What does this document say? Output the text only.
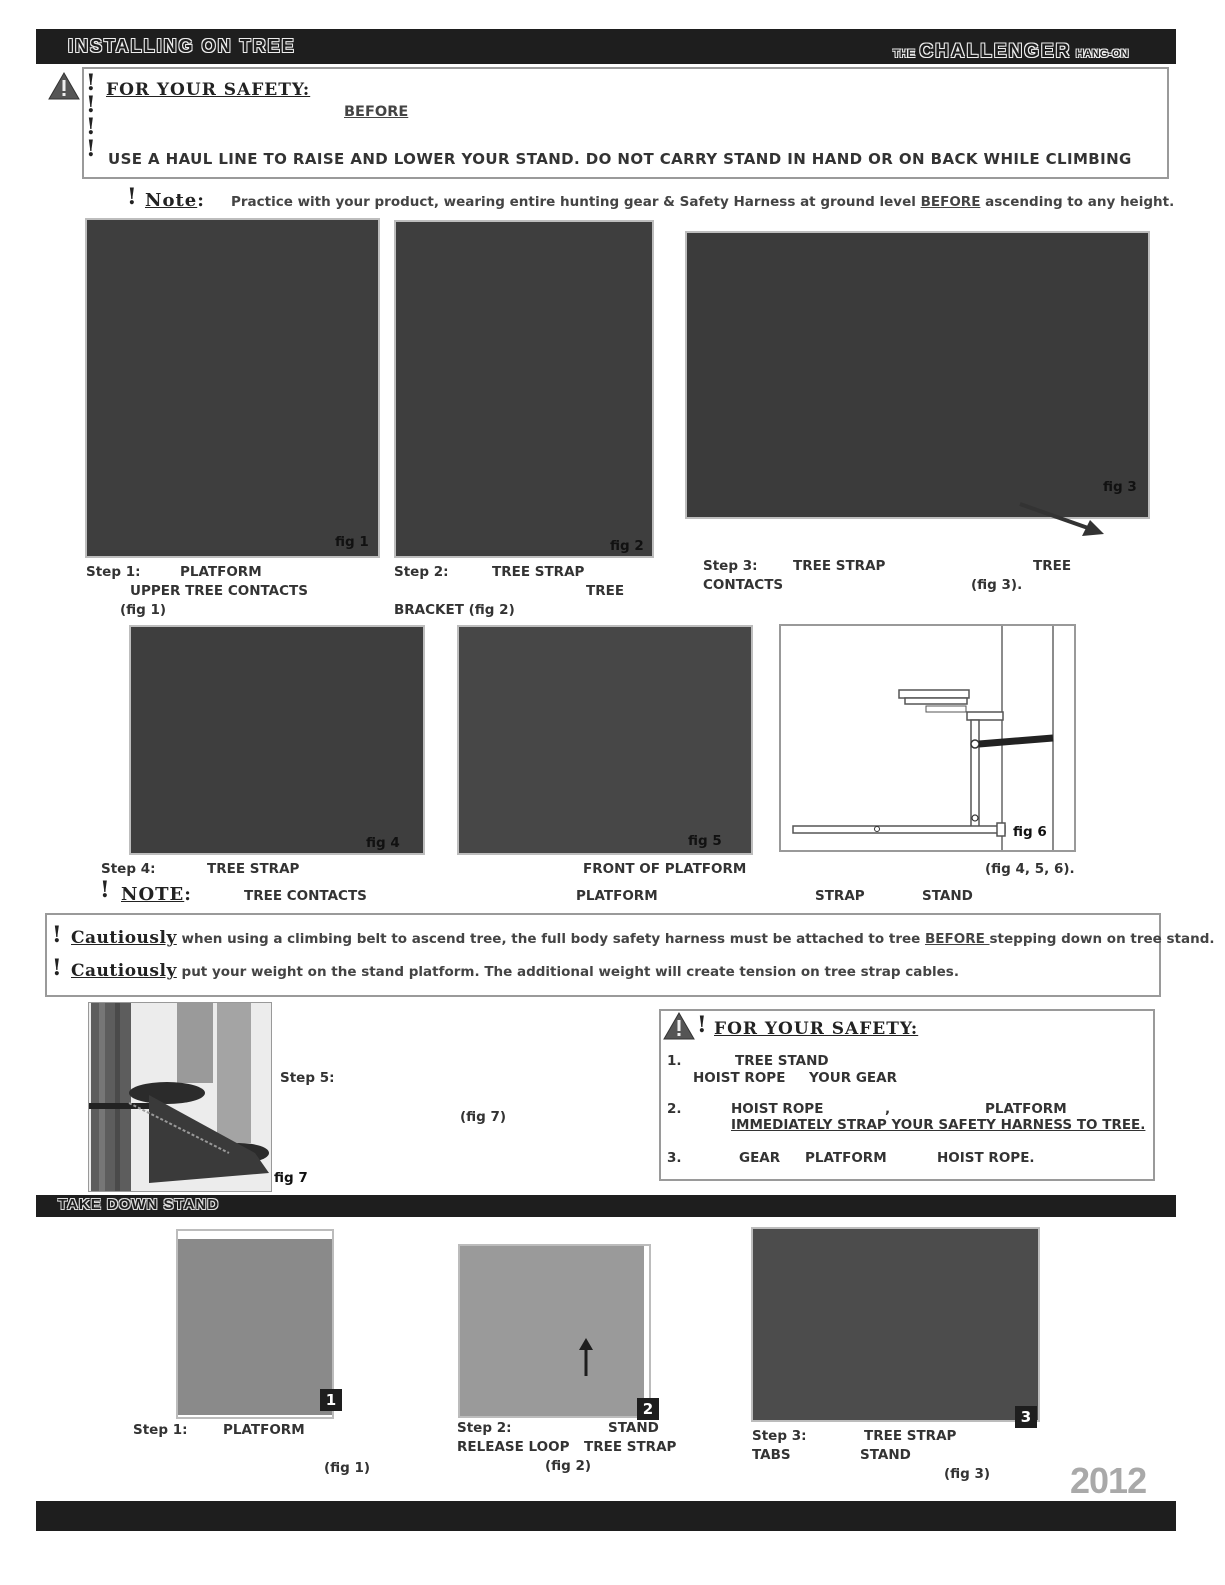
INSTALLING ON TREE	THE CHALLENGER HANG-ON
!
!
!
!
FOR YOUR SAFETY:
BEFORE
USE A HAUL LINE TO RAISE AND LOWER YOUR STAND. DO NOT CARRY STAND IN HAND OR ON BACK WHILE CLIMBING
! Note: Practice with your product, wearing entire hunting gear & Safety Harness at ground level BEFORE ascending to any height.
fig 1	fig 2
fig 3
Step 1:	PLATFORM
UPPER TREE CONTACTS
(fig 1)
Step 2:	TREE STRAP
TREE
BRACKET (fig 2)
Step 3:	TREE STRAP	TREE
CONTACTS	(fig 3).
fig 4	fig 5
fig 6
Step 4:	TREE STRAP	FRONT OF PLATFORM	(fig 4, 5, 6).
! NOTE:	TREE CONTACTS	PLATFORM	STRAP	STAND
! Cautiously when using a climbing belt to ascend tree, the full body safety harness must be attached to tree BEFORE stepping down on tree stand.
! Cautiously put your weight on the stand platform. The additional weight will create tension on tree strap cables.
fig 7
Step 5:
(fig 7)
! FOR YOUR SAFETY:
1.	TREE STAND
HOIST ROPE YOUR GEAR
2.	HOIST ROPE	,	PLATFORM
IMMEDIATELY STRAP YOUR SAFETY HARNESS TO TREE.
3.	GEAR PLATFORM	HOIST ROPE.
TAKE DOWN STAND
1	2	3
Step 1:	PLATFORM
(fig 1)
Step 2:	STAND
RELEASE LOOP TREE STRAP
(fig 2)
Step 3:	TREE STRAP
TABS	STAND
(fig 3) 2012
